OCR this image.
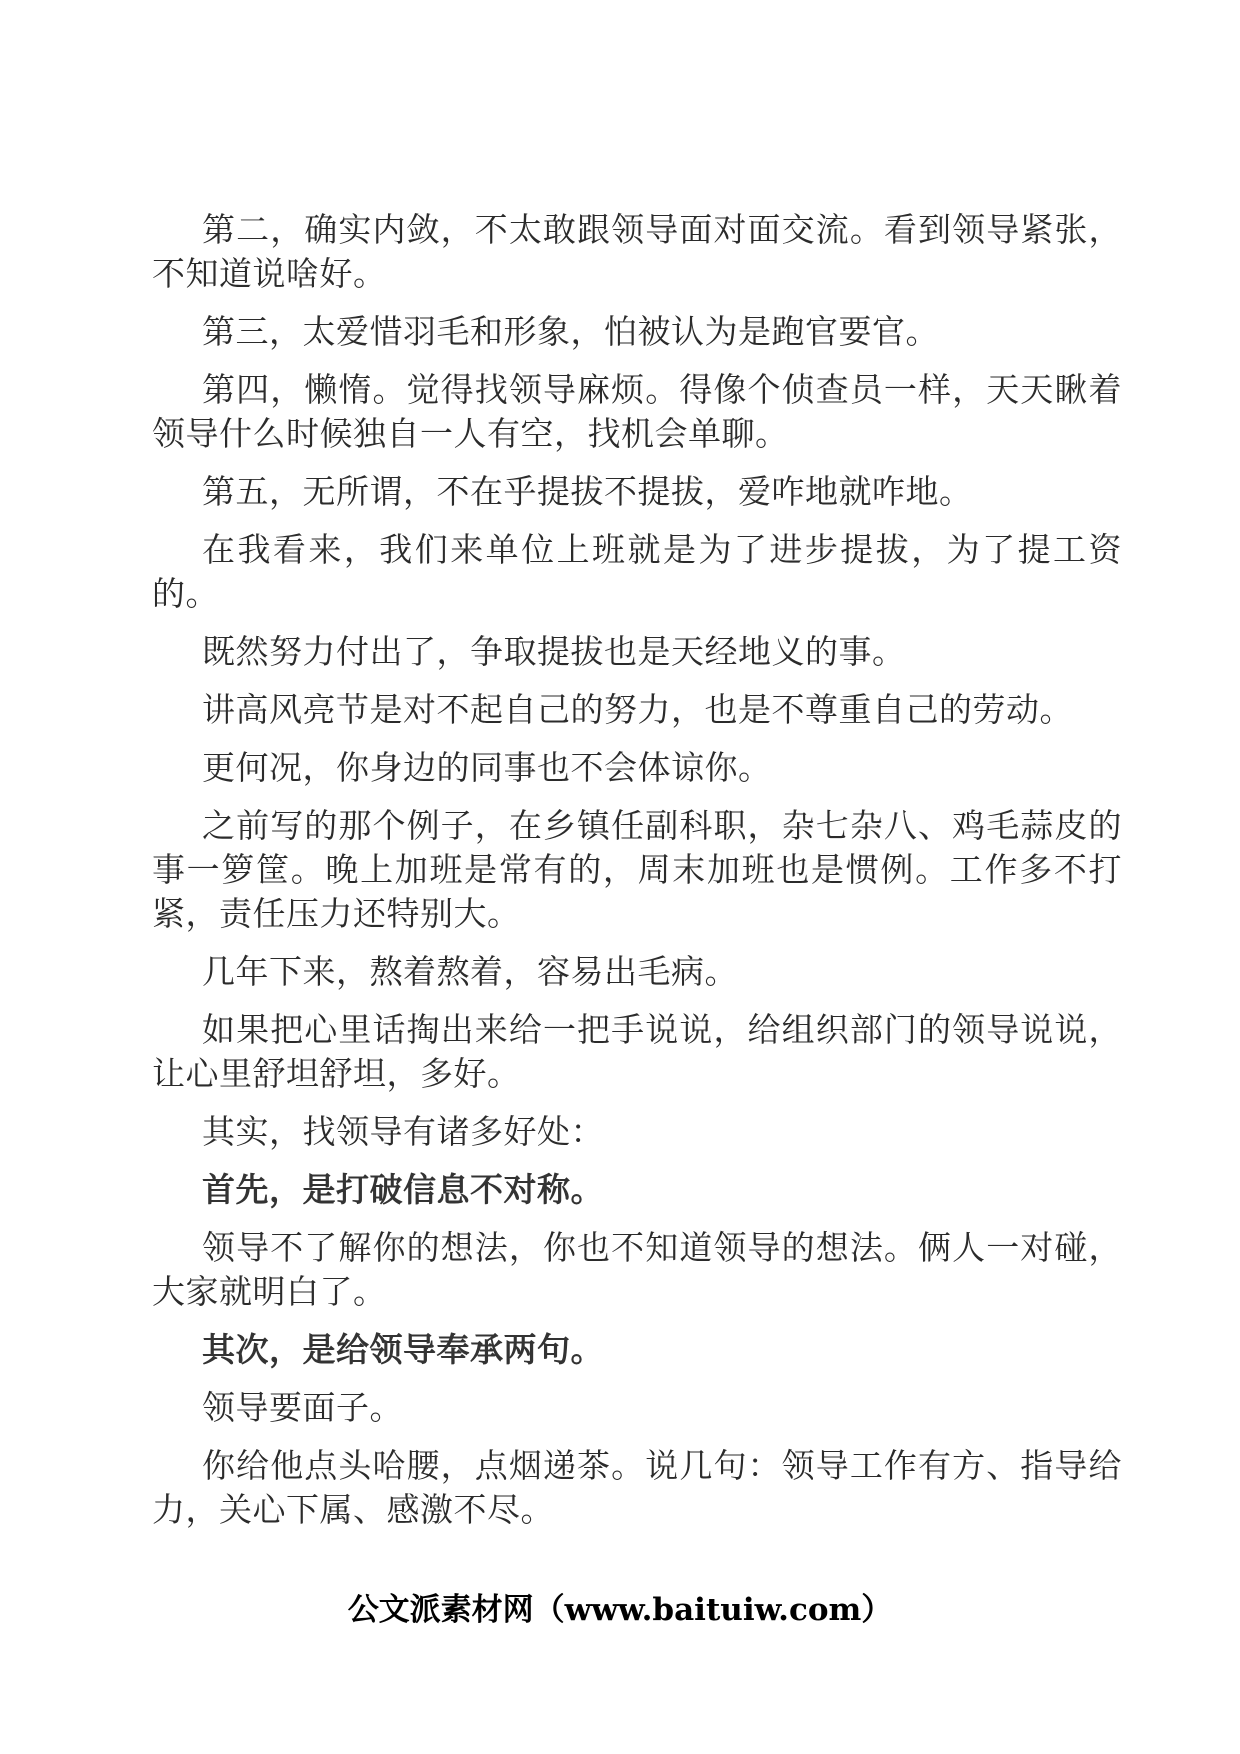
第二，确实内敛，不太敢跟领导面对面交流。看到领导紧张，不知道说啥好。

第三，太爱惜羽毛和形象，怕被认为是跑官要官。

第四，懒惰。觉得找领导麻烦。得像个侦查员一样，天天瞅着领导什么时候独自一人有空，找机会单聊。

第五，无所谓，不在乎提拔不提拔，爱咋地就咋地。

在我看来，我们来单位上班就是为了进步提拔，为了提工资的。

既然努力付出了，争取提拔也是天经地义的事。

讲高风亮节是对不起自己的努力，也是不尊重自己的劳动。

更何况，你身边的同事也不会体谅你。

之前写的那个例子，在乡镇任副科职，杂七杂八、鸡毛蒜皮的事一箩筐。晚上加班是常有的，周末加班也是惯例。工作多不打紧，责任压力还特别大。

几年下来，熬着熬着，容易出毛病。

如果把心里话掏出来给一把手说说，给组织部门的领导说说，让心里舒坦舒坦，多好。

其实，找领导有诸多好处：

首先，是打破信息不对称。

领导不了解你的想法，你也不知道领导的想法。俩人一对碰，大家就明白了。

其次，是给领导奉承两句。

领导要面子。

你给他点头哈腰，点烟递茶。说几句：领导工作有方、指导给力，关心下属、感激不尽。

公文派素材网（www.baituiw.com）
